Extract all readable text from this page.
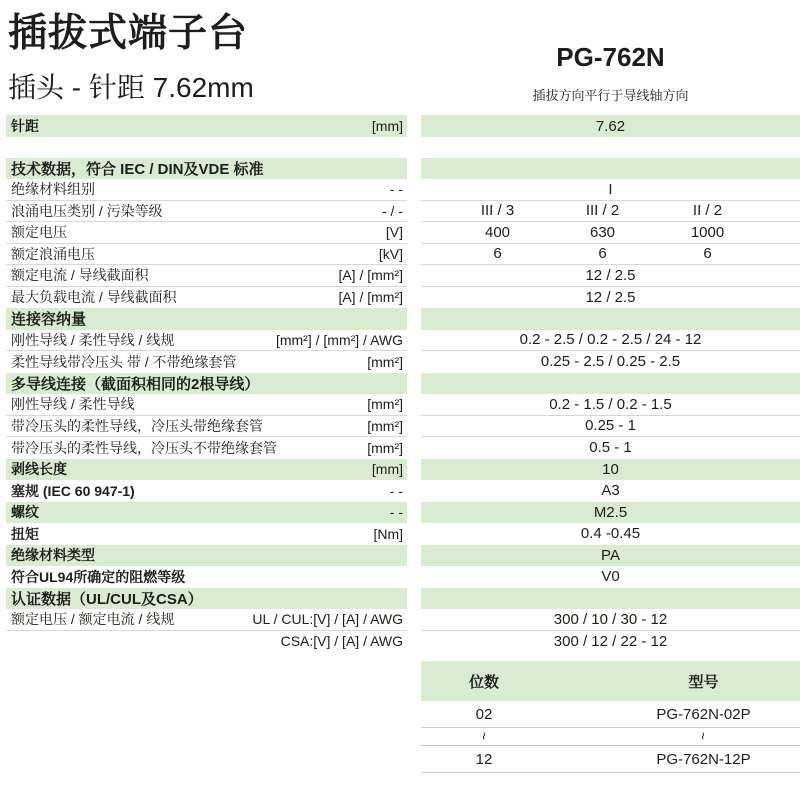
插拔式端子台
插头 - 针距 7.62mm
PG-762N
插拔方向平行于导线轴方向
针距	[mm]	7.62
技术数据，符合 IEC / DIN及VDE 标准
绝缘材料组别	- -	I
浪涌电压类别 / 污染等级	- / -	III / 3	III / 2	II / 2
额定电压	[V]	400	630	1000
额定浪涌电压	[kV]	6	6	6
额定电流 / 导线截面积	[A] / [mm²]	12 / 2.5
最大负载电流 / 导线截面积	[A] / [mm²]	12 / 2.5
连接容纳量
刚性导线 / 柔性导线 / 线规	[mm²] / [mm²] / AWG	0.2 - 2.5 / 0.2 - 2.5 / 24 - 12
柔性导线带冷压头 带 / 不带绝缘套管	[mm²]	0.25 - 2.5 / 0.25 - 2.5
多导线连接（截面积相同的2根导线）
刚性导线 / 柔性导线	[mm²]	0.2 - 1.5 / 0.2 - 1.5
带冷压头的柔性导线，冷压头带绝缘套管	[mm²]	0.25 - 1
带冷压头的柔性导线，冷压头不带绝缘套管	[mm²]	0.5 - 1
剥线长度	[mm]	10
塞规 (IEC 60 947-1)	- -	A3
螺纹	- -	M2.5
扭矩	[Nm]	0.4 -0.45
绝缘材料类型	PA
符合UL94所确定的阻燃等级	V0
认证数据（UL/CUL及CSA）
额定电压 / 额定电流 / 线规	UL / CUL:[V] / [A] / AWG	300 / 10 / 30 - 12
CSA:[V] / [A] / AWG	300 / 12 / 22 - 12
位数	型号
02	PG-762N-02P
~	~
12	PG-762N-12P
